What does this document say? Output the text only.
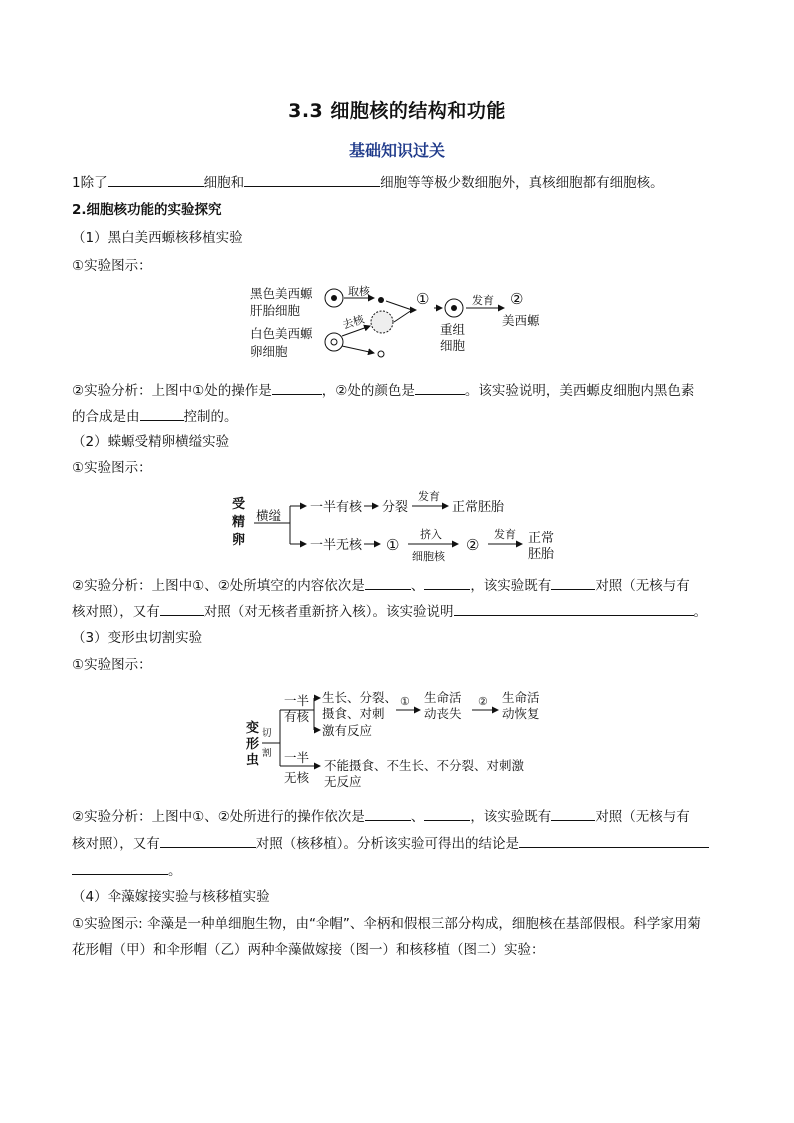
3.3 细胞核的结构和功能
基础知识过关
1除了	细胞和	细胞等等极少数细胞外，真核细胞都有细胞核。
2.细胞核功能的实验探究
（1）黑白美西螈核移植实验
①实验图示：
黑色美西螈
肝胎细胞
白色美西螈
卵细胞
取核
去核
①	发育 ②
美西螈
重组
细胞
②实验分析：上图中①处的操作是	，②处的颜色是	。该实验说明，美西螈皮细胞内黑色素
的合成是由	控制的。
（2）蝾螈受精卵横缢实验
①实验图示：
受
精
卵
横缢
一半有核 分裂
发育
正常胚胎
一半无核 ①
挤入
细胞核
②
发育 正常
胚胎
②实验分析：上图中①、②处所填空的内容依次是	、	，该实验既有	对照（无核与有
核对照），又有	对照（对无核者重新挤入核）。该实验说明	。
（3）变形虫切割实验
①实验图示：
变
形
虫
切
割
一半
有核
生长、分裂、
摄食、对刺
激有反应
① 生命活
动丧失
② 生命活
动恢复
一半
无核
不能摄食、不生长、不分裂、对刺激
无反应
②实验分析：上图中①、②处所进行的操作依次是	、	，该实验既有	对照（无核与有
核对照），又有	对照（核移植）。分析该实验可得出的结论是
。
（4）伞藻嫁接实验与核移植实验
①实验图示: 伞藻是一种单细胞生物，由“伞帽”、伞柄和假根三部分构成，细胞核在基部假根。科学家用菊
花形帽（甲）和伞形帽（乙）两种伞藻做嫁接（图一）和核移植（图二）实验：
